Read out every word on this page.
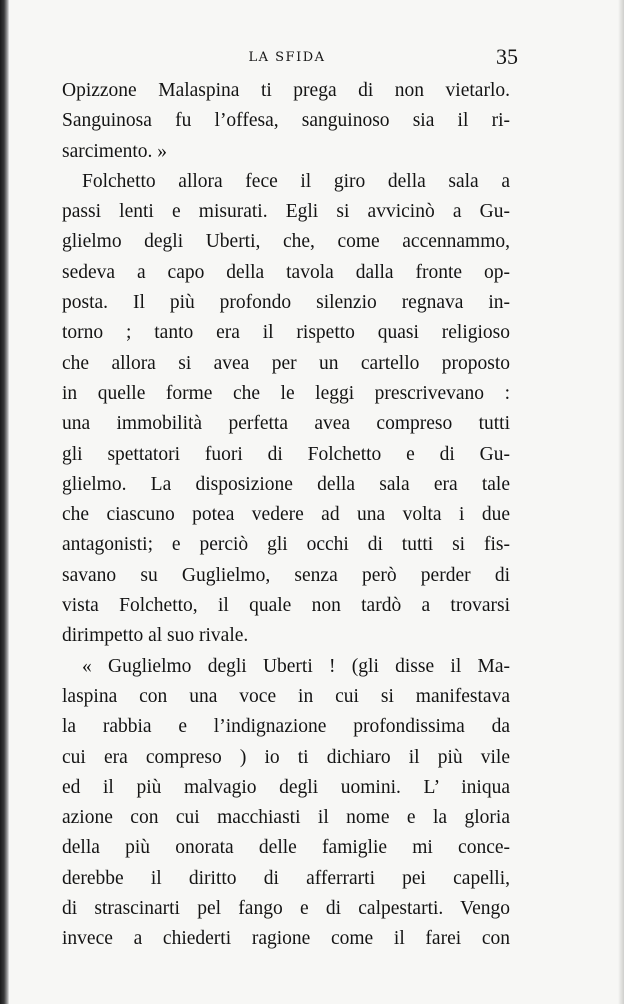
LA SFIDA	35
Opizzone Malaspina ti prega di non vietarlo.
Sanguinosa fu l’offesa, sanguinoso sia il ri-
sarcimento. »
Folchetto allora fece il giro della sala a
passi lenti e misurati. Egli si avvicinò a Gu-
glielmo degli Uberti, che, come accennammo,
sedeva a capo della tavola dalla fronte op-
posta. Il più profondo silenzio regnava in-
torno ; tanto era il rispetto quasi religioso
che allora si avea per un cartello proposto
in quelle forme che le leggi prescrivevano :
una immobilità perfetta avea compreso tutti
gli spettatori fuori di Folchetto e di Gu-
glielmo. La disposizione della sala era tale
che ciascuno potea vedere ad una volta i due
antagonisti; e perciò gli occhi di tutti si fis-
savano su Guglielmo, senza però perder di
vista Folchetto, il quale non tardò a trovarsi
dirimpetto al suo rivale.
« Guglielmo degli Uberti ! (gli disse il Ma-
laspina con una voce in cui si manifestava
la rabbia e l’indignazione profondissima da
cui era compreso ) io ti dichiaro il più vile
ed il più malvagio degli uomini. L’ iniqua
azione con cui macchiasti il nome e la gloria
della più onorata delle famiglie mi conce-
derebbe il diritto di afferrarti pei capelli,
di strascinarti pel fango e di calpestarti. Vengo
invece a chiederti ragione come il farei con
